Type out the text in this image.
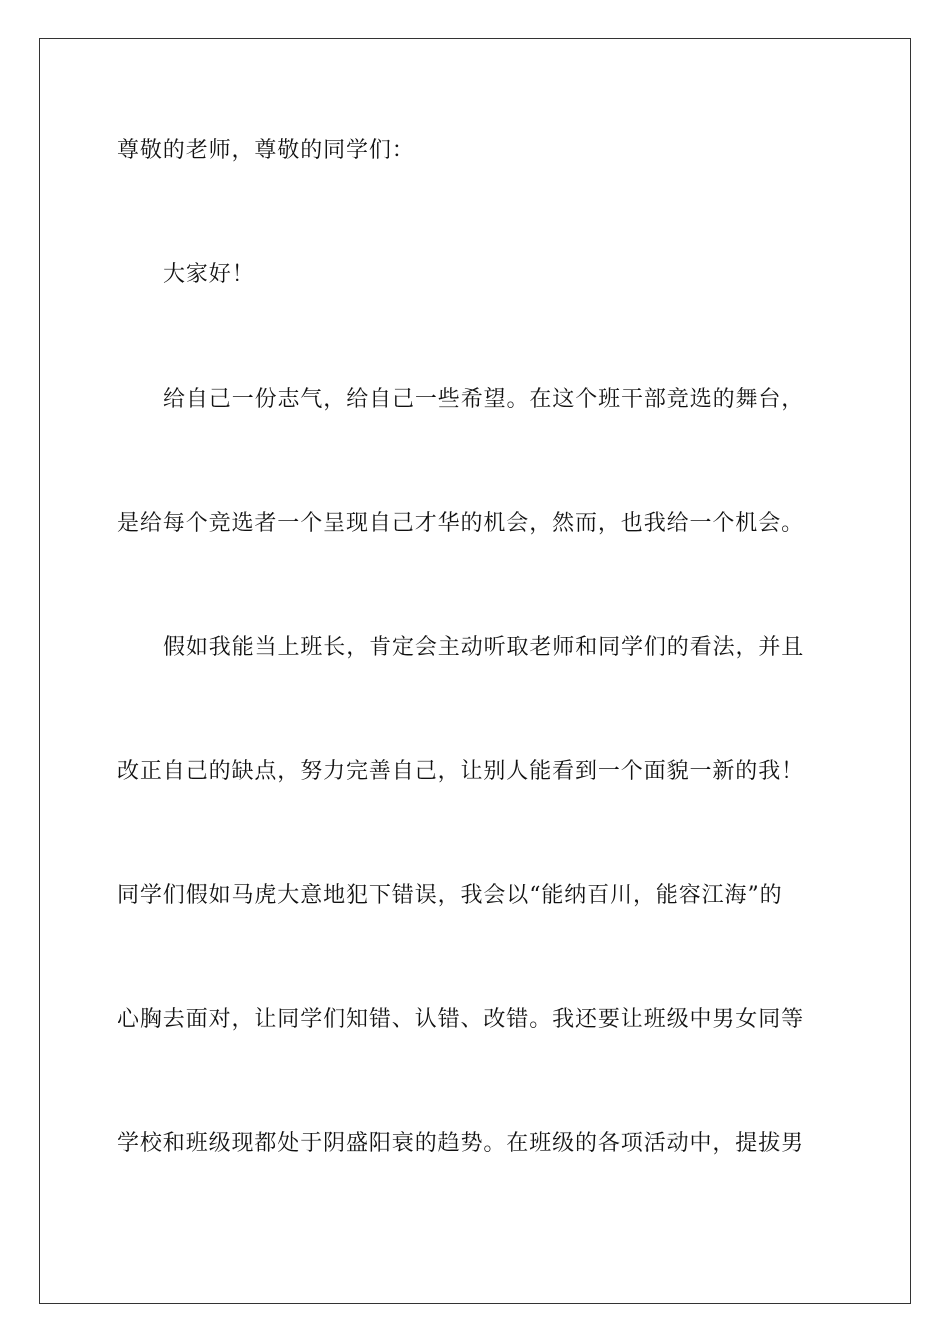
尊敬的老师，尊敬的同学们：
大家好！
给自己一份志气，给自己一些希望。在这个班干部竞选的舞台，
是给每个竞选者一个呈现自己才华的机会，然而，也我给一个机会。
假如我能当上班长，肯定会主动听取老师和同学们的看法，并且
改正自己的缺点，努力完善自己，让别人能看到一个面貌一新的我！
同学们假如马虎大意地犯下错误，我会以“能纳百川，能容江海”的
心胸去面对，让同学们知错、认错、改错。我还要让班级中男女同等
学校和班级现都处于阴盛阳衰的趋势。在班级的各项活动中，提拔男
